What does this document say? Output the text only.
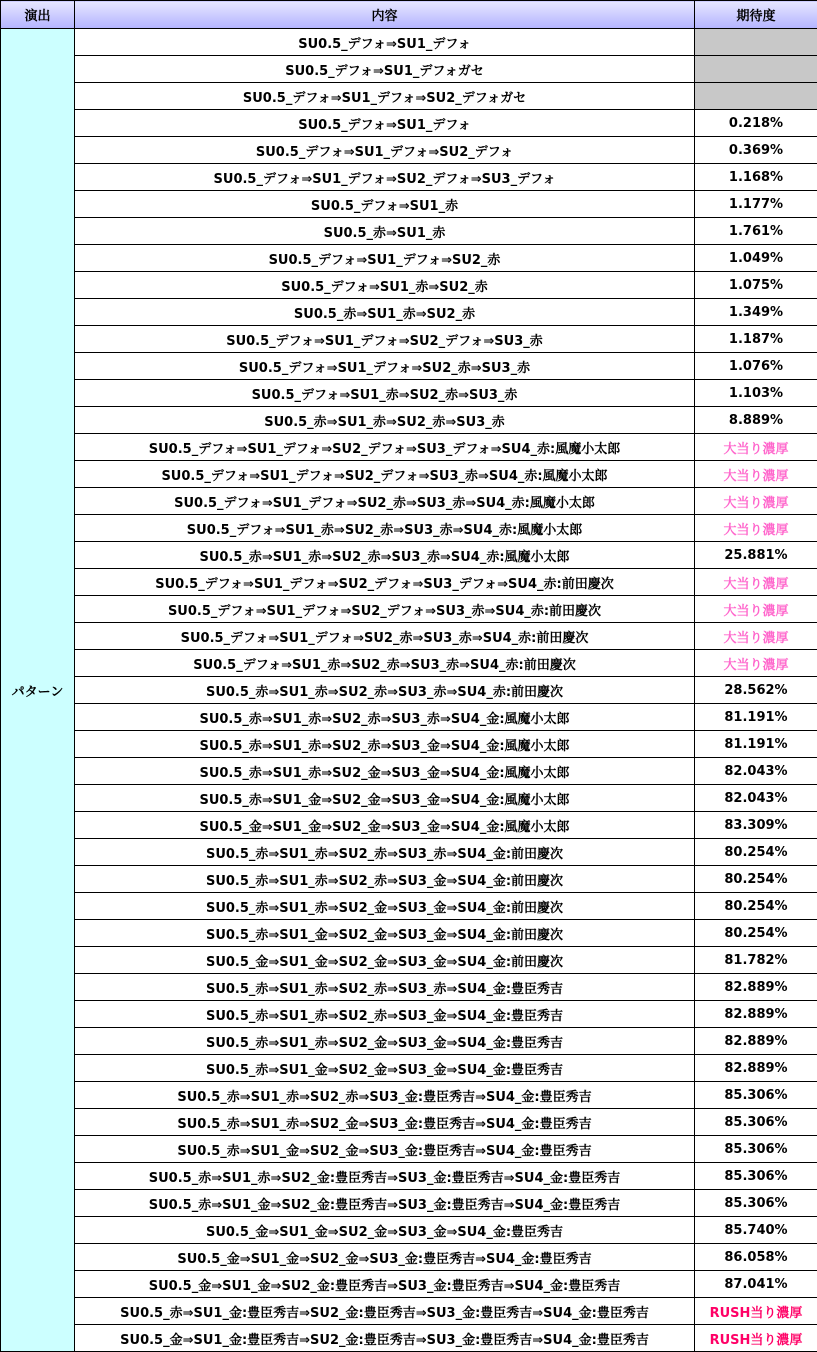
演出	内容	期待度
パターン	SU0.5_デフォ⇒SU1_デフォ	
	SU0.5_デフォ⇒SU1_デフォガセ	
	SU0.5_デフォ⇒SU1_デフォ⇒SU2_デフォガセ	
	SU0.5_デフォ⇒SU1_デフォ	0.218%
	SU0.5_デフォ⇒SU1_デフォ⇒SU2_デフォ	0.369%
	SU0.5_デフォ⇒SU1_デフォ⇒SU2_デフォ⇒SU3_デフォ	1.168%
	SU0.5_デフォ⇒SU1_赤	1.177%
	SU0.5_赤⇒SU1_赤	1.761%
	SU0.5_デフォ⇒SU1_デフォ⇒SU2_赤	1.049%
	SU0.5_デフォ⇒SU1_赤⇒SU2_赤	1.075%
	SU0.5_赤⇒SU1_赤⇒SU2_赤	1.349%
	SU0.5_デフォ⇒SU1_デフォ⇒SU2_デフォ⇒SU3_赤	1.187%
	SU0.5_デフォ⇒SU1_デフォ⇒SU2_赤⇒SU3_赤	1.076%
	SU0.5_デフォ⇒SU1_赤⇒SU2_赤⇒SU3_赤	1.103%
	SU0.5_赤⇒SU1_赤⇒SU2_赤⇒SU3_赤	8.889%
	SU0.5_デフォ⇒SU1_デフォ⇒SU2_デフォ⇒SU3_デフォ⇒SU4_赤:風魔小太郎	大当り濃厚
	SU0.5_デフォ⇒SU1_デフォ⇒SU2_デフォ⇒SU3_赤⇒SU4_赤:風魔小太郎	大当り濃厚
	SU0.5_デフォ⇒SU1_デフォ⇒SU2_赤⇒SU3_赤⇒SU4_赤:風魔小太郎	大当り濃厚
	SU0.5_デフォ⇒SU1_赤⇒SU2_赤⇒SU3_赤⇒SU4_赤:風魔小太郎	大当り濃厚
	SU0.5_赤⇒SU1_赤⇒SU2_赤⇒SU3_赤⇒SU4_赤:風魔小太郎	25.881%
	SU0.5_デフォ⇒SU1_デフォ⇒SU2_デフォ⇒SU3_デフォ⇒SU4_赤:前田慶次	大当り濃厚
	SU0.5_デフォ⇒SU1_デフォ⇒SU2_デフォ⇒SU3_赤⇒SU4_赤:前田慶次	大当り濃厚
	SU0.5_デフォ⇒SU1_デフォ⇒SU2_赤⇒SU3_赤⇒SU4_赤:前田慶次	大当り濃厚
	SU0.5_デフォ⇒SU1_赤⇒SU2_赤⇒SU3_赤⇒SU4_赤:前田慶次	大当り濃厚
	SU0.5_赤⇒SU1_赤⇒SU2_赤⇒SU3_赤⇒SU4_赤:前田慶次	28.562%
	SU0.5_赤⇒SU1_赤⇒SU2_赤⇒SU3_赤⇒SU4_金:風魔小太郎	81.191%
	SU0.5_赤⇒SU1_赤⇒SU2_赤⇒SU3_金⇒SU4_金:風魔小太郎	81.191%
	SU0.5_赤⇒SU1_赤⇒SU2_金⇒SU3_金⇒SU4_金:風魔小太郎	82.043%
	SU0.5_赤⇒SU1_金⇒SU2_金⇒SU3_金⇒SU4_金:風魔小太郎	82.043%
	SU0.5_金⇒SU1_金⇒SU2_金⇒SU3_金⇒SU4_金:風魔小太郎	83.309%
	SU0.5_赤⇒SU1_赤⇒SU2_赤⇒SU3_赤⇒SU4_金:前田慶次	80.254%
	SU0.5_赤⇒SU1_赤⇒SU2_赤⇒SU3_金⇒SU4_金:前田慶次	80.254%
	SU0.5_赤⇒SU1_赤⇒SU2_金⇒SU3_金⇒SU4_金:前田慶次	80.254%
	SU0.5_赤⇒SU1_金⇒SU2_金⇒SU3_金⇒SU4_金:前田慶次	80.254%
	SU0.5_金⇒SU1_金⇒SU2_金⇒SU3_金⇒SU4_金:前田慶次	81.782%
	SU0.5_赤⇒SU1_赤⇒SU2_赤⇒SU3_赤⇒SU4_金:豊臣秀吉	82.889%
	SU0.5_赤⇒SU1_赤⇒SU2_赤⇒SU3_金⇒SU4_金:豊臣秀吉	82.889%
	SU0.5_赤⇒SU1_赤⇒SU2_金⇒SU3_金⇒SU4_金:豊臣秀吉	82.889%
	SU0.5_赤⇒SU1_金⇒SU2_金⇒SU3_金⇒SU4_金:豊臣秀吉	82.889%
	SU0.5_赤⇒SU1_赤⇒SU2_赤⇒SU3_金:豊臣秀吉⇒SU4_金:豊臣秀吉	85.306%
	SU0.5_赤⇒SU1_赤⇒SU2_金⇒SU3_金:豊臣秀吉⇒SU4_金:豊臣秀吉	85.306%
	SU0.5_赤⇒SU1_金⇒SU2_金⇒SU3_金:豊臣秀吉⇒SU4_金:豊臣秀吉	85.306%
	SU0.5_赤⇒SU1_赤⇒SU2_金:豊臣秀吉⇒SU3_金:豊臣秀吉⇒SU4_金:豊臣秀吉	85.306%
	SU0.5_赤⇒SU1_金⇒SU2_金:豊臣秀吉⇒SU3_金:豊臣秀吉⇒SU4_金:豊臣秀吉	85.306%
	SU0.5_金⇒SU1_金⇒SU2_金⇒SU3_金⇒SU4_金:豊臣秀吉	85.740%
	SU0.5_金⇒SU1_金⇒SU2_金⇒SU3_金:豊臣秀吉⇒SU4_金:豊臣秀吉	86.058%
	SU0.5_金⇒SU1_金⇒SU2_金:豊臣秀吉⇒SU3_金:豊臣秀吉⇒SU4_金:豊臣秀吉	87.041%
	SU0.5_赤⇒SU1_金:豊臣秀吉⇒SU2_金:豊臣秀吉⇒SU3_金:豊臣秀吉⇒SU4_金:豊臣秀吉	RUSH当り濃厚
	SU0.5_金⇒SU1_金:豊臣秀吉⇒SU2_金:豊臣秀吉⇒SU3_金:豊臣秀吉⇒SU4_金:豊臣秀吉	RUSH当り濃厚
